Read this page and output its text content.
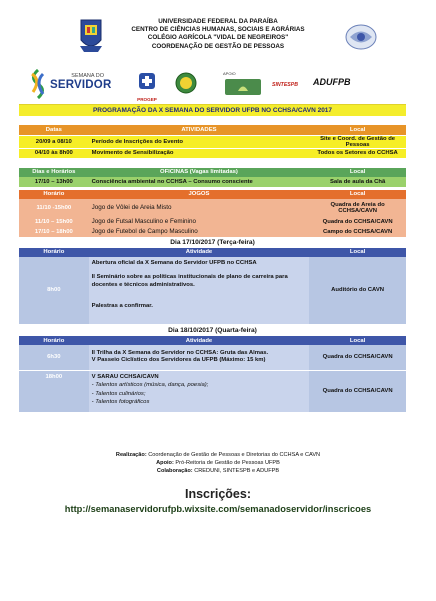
UNIVERSIDADE FEDERAL DA PARAÍBA
CENTRO DE CIÊNCIAS HUMANAS, SOCIAIS E AGRÁRIAS
COLÉGIO AGRÍCOLA "VIDAL DE NEGREIROS"
COORDENAÇÃO DE GESTÃO DE PESSOAS
SEMANA DO
SERVIDOR
PROGEP
APOIO
CREDUNI
SINTESPB	ADUFPB
PROGRAMAÇÃO DA X SEMANA DO SERVIDOR UFPB NO CCHSA/CAVN 2017
Datas	ATIVIDADES	Local
20/09 a 08/10	Período de Inscrições do Evento	Site e Coord. de Gestão de Pessoas
04/10 às 8h00	Movimento de Sensibilização	Todos os Setores do CCHSA
Dias e Horários	OFICINAS (Vagas limitadas)	Local
17/10 – 13h00	Consciência ambiental no CCHSA – Consumo consciente	Sala de aula da Chã
Horário	JOGOS	Local
11/10 -15h00	Jogo de Vôlei de Areia Misto	Quadra de Areia do CCHSA/CAVN
11/10 – 15h00	Jogo de Futsal Masculino e Feminino	Quadra do CCHSA/CAVN
17/10 – 18h00	Jogo de Futebol de Campo Masculino	Campo do CCHSA/CAVN
Dia 17/10/2017 (Terça-feira)
Horário	Atividade	Local
8h00	Abertura oficial da X Semana do Servidor UFPB no CCHSA
II Seminário sobre as políticas institucionais de plano de carreira para docentes e técnicos administrativos.
Palestras a confirmar.	Auditório do CAVN
Dia 18/10/2017 (Quarta-feira)
Horário	Atividade	Local
6h30	II Trilha da X Semana do Servidor no CCHSA: Gruta das Almas.
V Passeio Ciclístico dos Servidores da UFPB (Máximo: 15 km)	Quadra do CCHSA/CAVN
18h00	V SARAU CCHSA/CAVN
- Talentos artísticos (música, dança, poesia);
- Talentos culinários;
- Talentos fotográficos	Quadra do CCHSA/CAVN
Realização: Coordenação de Gestão de Pessoas e Diretorias do CCHSA e CAVN
Apoio: Pró-Reitoria de Gestão de Pessoas UFPB
Colaboração: CREDUNI, SINTESPB e ADUFPB
Inscrições:
http://semanaservidorufpb.wixsite.com/semanadoservidor/inscricoes
